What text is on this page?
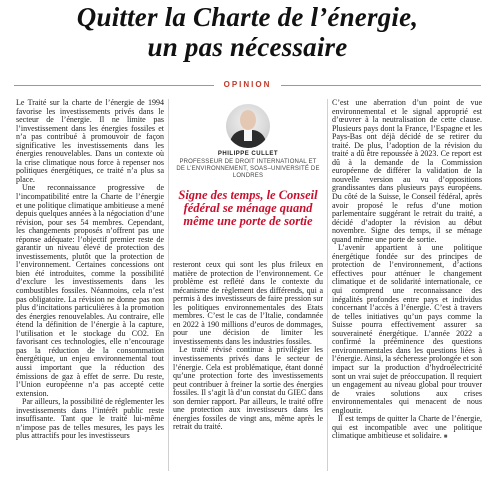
Quitter la Charte de l’énergie,
un pas nécessaire
OPINION

Le Traité sur la charte de l’énergie de 1994 favorise les investissements privés dans le secteur de l’énergie. Il ne limite pas l’investissement dans les énergies fossiles et n’a pas contribué à promouvoir de façon significative les investissements dans les énergies renouvelables. Dans un contexte où la crise climatique nous force à repenser nos politiques énergétiques, ce traité n’a plus sa place.

Une reconnaissance progressive de l’incompatibilité entre la Charte de l’énergie et une politique climatique ambitieuse a mené depuis quelques années à la négociation d’une révision, pour ses 54 membres. Cependant, les changements proposés n’offrent pas une réponse adéquate: l’objectif premier reste de garantir un niveau élevé de protection des investissements, plutôt que la protection de l’environnement. Certaines concessions ont bien été introduites, comme la possibilité d’exclure les investissements dans les combustibles fossiles. Néanmoins, cela n’est pas obligatoire. La révision ne donne pas non plus d’incitations particulières à la promotion des énergies renouvelables. Au contraire, elle étend la définition de l’énergie à la capture, l’utilisation et le stockage du CO2. En favorisant ces technologies, elle n’encourage pas la réduction de la consommation énergétique, un enjeu environnemental tout aussi important que la réduction des émissions de gaz à effet de serre. Du reste, l’Union européenne n’a pas accepté cette extension.

Par ailleurs, la possibilité de réglementer les investissements dans l’intérêt public reste insuffisante. Tant que le traité lui-même n’impose pas de telles mesures, les pays les plus attractifs pour les investisseurs

PHILIPPE CULLET
PROFESSEUR DE DROIT INTERNATIONAL ET DE L’ENVIRONNEMENT, SOAS–UNIVERSITÉ DE LONDRES
Signe des temps, le Conseil fédéral se ménage quand même une porte de sortie

resteront ceux qui sont les plus frileux en matière de protection de l’environnement. Ce problème est reflété dans le contexte du mécanisme de règlement des différends, qui a permis à des investisseurs de faire pression sur les politiques environnementales des Etats membres. C’est le cas de l’Italie, condamnée en 2022 à 190 millions d’euros de dommages, pour une décision de limiter les investissements dans les industries fossiles.

Le traité révisé continue à privilégier les investissements privés dans le secteur de l’énergie. Cela est problématique, étant donné qu’une protection forte des investissements peut contribuer à freiner la sortie des énergies fossiles. Il s’agit là d’un constat du GIEC dans son dernier rapport. Par ailleurs, le traité offre une protection aux investisseurs dans les énergies fossiles de vingt ans, même après le retrait du traité.

C’est une aberration d’un point de vue environnemental et le signal approprié est d’œuvrer à la neutralisation de cette clause. Plusieurs pays dont la France, l’Espagne et les Pays-Bas ont déjà décidé de se retirer du traité. De plus, l’adoption de la révision du traité a dû être repoussée à 2023. Ce report est dû à la demande de la Commission européenne de différer la validation de la nouvelle version au vu d’oppositions grandissantes dans plusieurs pays européens. Du côté de la Suisse, le Conseil fédéral, après avoir proposé le refus d’une motion parlementaire suggérant le retrait du traité, a décidé d’adopter la révision au début novembre. Signe des temps, il se ménage quand même une porte de sortie.

L’avenir appartient à une politique énergétique fondée sur des principes de protection de l’environnement, d’actions effectives pour atténuer le changement climatique et de solidarité internationale, ce qui comprend une reconnaissance des inégalités profondes entre pays et individus concernant l’accès à l’énergie. C’est à travers de telles initiatives qu’un pays comme la Suisse pourra effectivement assurer sa souveraineté énergétique. L’année 2022 a confirmé la prééminence des questions environnementales dans les questions liées à l’énergie. Ainsi, la sécheresse prolongée et son impact sur la production d’hydroélectricité sont un vrai sujet de préoccupation. Il requiert un engagement au niveau global pour trouver de vraies solutions aux crises environnementales qui menacent de nous engloutir.

Il est temps de quitter la Charte de l’énergie, qui est incompatible avec une politique climatique ambitieuse et solidaire. ■
